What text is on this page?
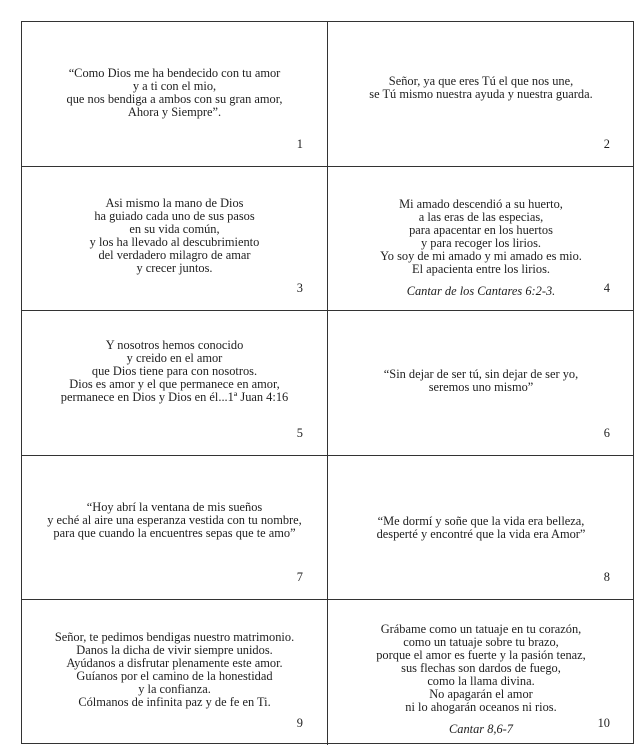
“Como Dios me ha bendecido con tu amor
y a ti con el mio,
que nos bendiga a ambos con su gran amor,
Ahora y Siempre”.
1
Señor, ya que eres Tú el que nos une,
se Tú mismo nuestra ayuda y nuestra guarda.
2
Asi mismo la mano de Dios
ha guiado cada uno de sus pasos
en su vida común,
y los ha llevado al descubrimiento
del verdadero milagro de amar
y crecer juntos.
3

Mi amado descendió a su huerto,
a las eras de las especias,
para apacentar en los huertos
y para recoger los lirios.
Yo soy de mi amado y mi amado es mio.
El apacienta entre los lirios.

Cantar de los Cantares 6:2-3.	4
Y nosotros hemos conocido
y creido en el amor
que Dios tiene para con nosotros.
Dios es amor y el que permanece en amor,
permanece en Dios y Dios en él...1ª Juan 4:16
5
“Sin dejar de ser tú, sin dejar de ser yo,
seremos uno mismo”
6
“Hoy abrí la ventana de mis sueños
y eché al aire una esperanza vestida con tu nombre,
para que cuando la encuentres sepas que te amo”
7
“Me dormí y soñe que la vida era belleza,
desperté y encontré que la vida era Amor”
8
Señor, te pedimos bendigas nuestro matrimonio.
Danos la dicha de vivir siempre unidos.
Ayúdanos a disfrutar plenamente este amor.
Guíanos por el camino de la honestidad
y la confianza.
Cólmanos de infinita paz y de fe en Ti.
9

Grábame como un tatuaje en tu corazón,
como un tatuaje sobre tu brazo,
porque el amor es fuerte y la pasión tenaz,
sus flechas son dardos de fuego,
como la llama divina.
No apagarán el amor
ni lo ahogarán oceanos ni rios.

Cantar 8,6-7	10
